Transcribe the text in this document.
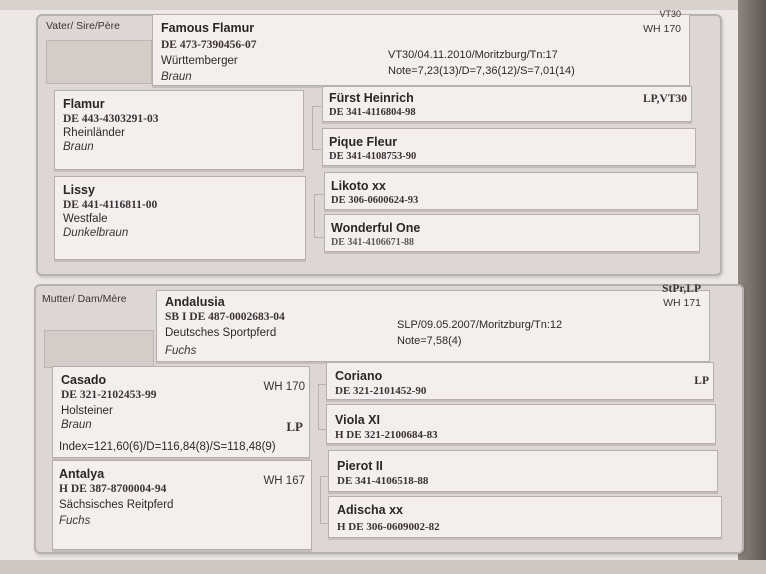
Vater/ Sire/Père	Famous Flamur
DE 473-7390456-07
Württemberger
Braun
VT30
WH 170
VT30/04.11.2010/Moritzburg/Tn:17
Note=7,23(13)/D=7,36(12)/S=7,01(14)
Flamur
DE 443-4303291-03
Rheinländer
Braun
Lissy
DE 441-4116811-00
Westfale
Dunkelbraun
Fürst Heinrich
DE 341-4116804-98
LP,VT30
Pique Fleur
DE 341-4108753-90
Likoto xx
DE 306-0600624-93
Wonderful One
DE 341-4106671-88
Mutter/ Dam/Mère	Andalusia
SB I DE 487-0002683-04
Deutsches Sportpferd
Fuchs
StPr,LP
WH 171
SLP/09.05.2007/Moritzburg/Tn:12
Note=7,58(4)
Casado
DE 321-2102453-99
Holsteiner
Braun
WH 170
LP
Index=121,60(6)/D=116,84(8)/S=118,48(9)
Antalya
H DE 387-8700004-94
Sächsisches Reitpferd
Fuchs
WH 167
Coriano
DE 321-2101452-90
LP
Viola XI
H DE 321-2100684-83
Pierot II
DE 341-4106518-88
Adischa xx
H DE 306-0609002-82
